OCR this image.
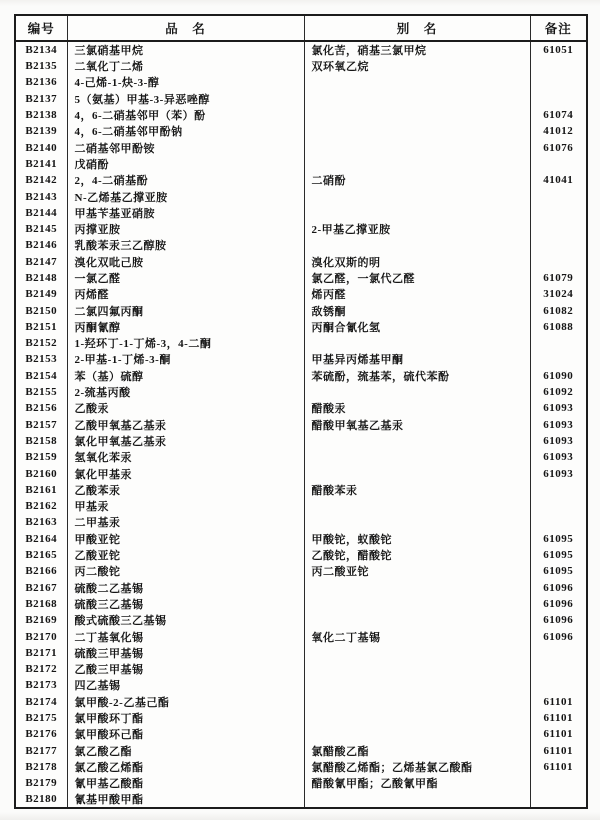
编号	品　名	别　名	备注
B2134	三氯硝基甲烷	氯化苦，硝基三氯甲烷	61051
B2135	二氧化丁二烯	双环氧乙烷	
B2136	4-己烯-1-炔-3-醇		
B2137	5（氨基）甲基-3-异恶唑醇		
B2138	4，6-二硝基邻甲（苯）酚		61074
B2139	4，6-二硝基邻甲酚钠		41012
B2140	二硝基邻甲酚铵		61076
B2141	戊硝酚		
B2142	2，4-二硝基酚	二硝酚	41041
B2143	N-乙烯基乙撑亚胺		
B2144	甲基苄基亚硝胺		
B2145	丙撑亚胺	2-甲基乙撑亚胺	
B2146	乳酸苯汞三乙醇胺		
B2147	溴化双吡己胺	溴化双斯的明	
B2148	一氯乙醛	氯乙醛，一氯代乙醛	61079
B2149	丙烯醛	烯丙醛	31024
B2150	二氯四氟丙酮	敌锈酮	61082
B2151	丙酮氰醇	丙酮合氰化氢	61088
B2152	1-羟环丁-1-丁烯-3，4-二酮		
B2153	2-甲基-1-丁烯-3-酮	甲基异丙烯基甲酮	
B2154	苯（基）硫醇	苯硫酚，巯基苯，硫代苯酚	61090
B2155	2-巯基丙酸		61092
B2156	乙酸汞	醋酸汞	61093
B2157	乙酸甲氧基乙基汞	醋酸甲氧基乙基汞	61093
B2158	氯化甲氧基乙基汞		61093
B2159	氢氧化苯汞		61093
B2160	氯化甲基汞		61093
B2161	乙酸苯汞	醋酸苯汞	
B2162	甲基汞		
B2163	二甲基汞		
B2164	甲酸亚铊	甲酸铊，蚁酸铊	61095
B2165	乙酸亚铊	乙酸铊，醋酸铊	61095
B2166	丙二酸铊	丙二酸亚铊	61095
B2167	硫酸二乙基锡		61096
B2168	硫酸三乙基锡		61096
B2169	酸式硫酸三乙基锡		61096
B2170	二丁基氧化锡	氧化二丁基锡	61096
B2171	硫酸三甲基锡		
B2172	乙酸三甲基锡		
B2173	四乙基锡		
B2174	氯甲酸-2-乙基己酯		61101
B2175	氯甲酸环丁酯		61101
B2176	氯甲酸环己酯		61101
B2177	氯乙酸乙酯	氯醋酸乙酯	61101
B2178	氯乙酸乙烯酯	氯醋酸乙烯酯；乙烯基氯乙酸酯	61101
B2179	氰甲基乙酸酯	醋酸氰甲酯；乙酸氰甲酯	
B2180	氰基甲酸甲酯		
